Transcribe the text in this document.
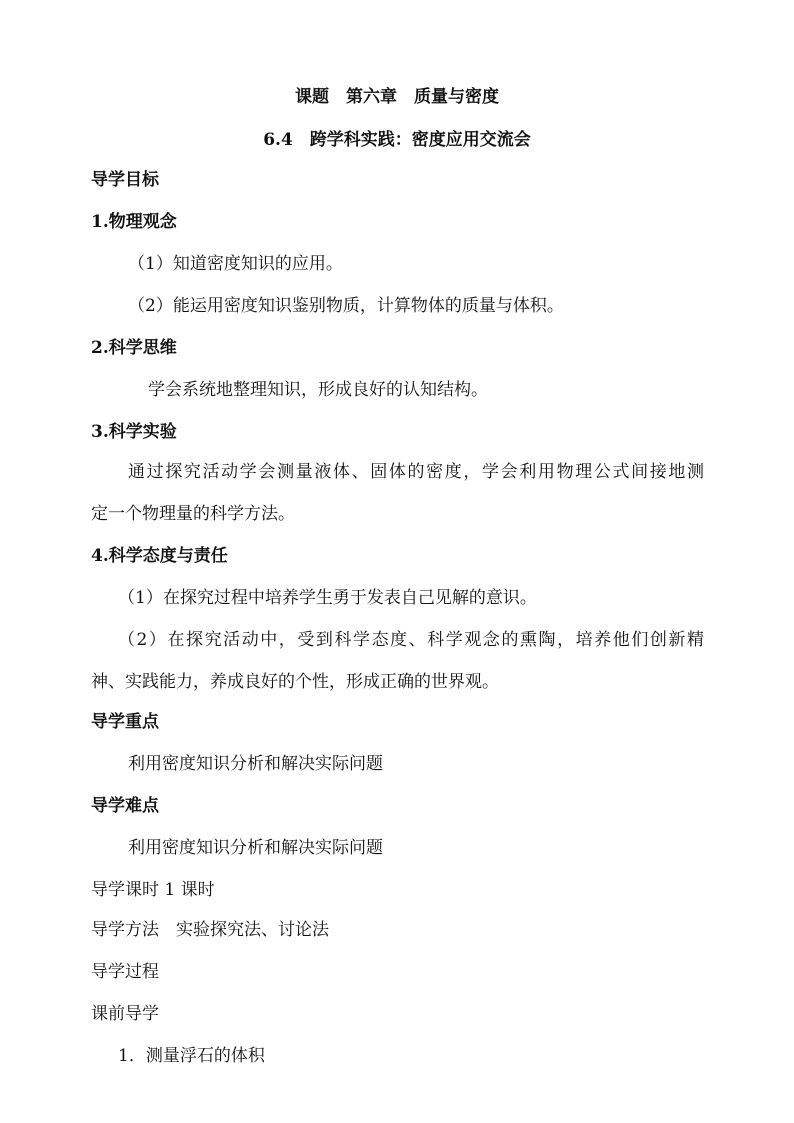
课题　第六章　质量与密度
6.4　跨学科实践：密度应用交流会
导学目标
1.物理观念
（1）知道密度知识的应用。
（2）能运用密度知识鉴别物质，计算物体的质量与体积。
2.科学思维
学会系统地整理知识，形成良好的认知结构。
3.科学实验
通过探究活动学会测量液体、固体的密度，学会利用物理公式间接地测
定一个物理量的科学方法。
4.科学态度与责任
（1）在探究过程中培养学生勇于发表自己见解的意识。
（2）在探究活动中，受到科学态度、科学观念的熏陶，培养他们创新精
神、实践能力，养成良好的个性，形成正确的世界观。
导学重点
利用密度知识分析和解决实际问题
导学难点
利用密度知识分析和解决实际问题
导学课时 1 课时
导学方法　实验探究法、讨论法
导学过程
课前导学
1．测量浮石的体积
